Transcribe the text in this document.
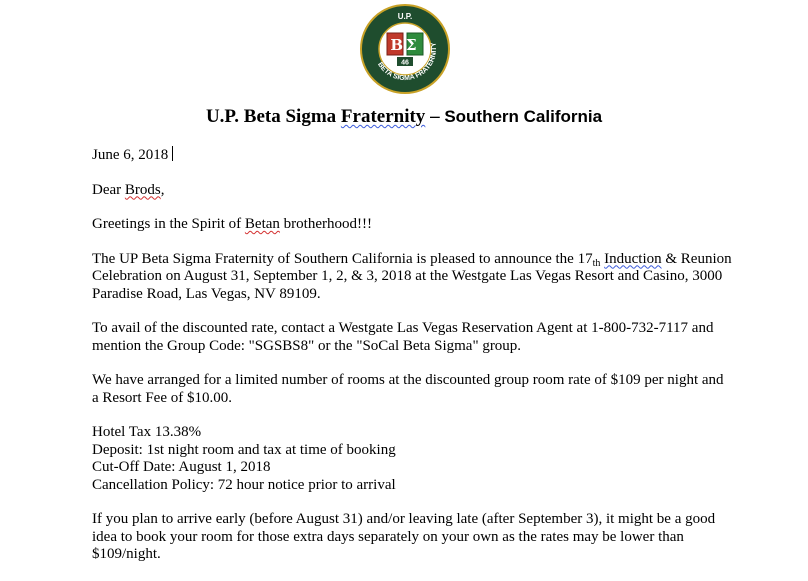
U.P.
BETA SIGMA FRATERNITY
BΣ
46
U.P. Beta Sigma Fraternity – Southern California

June 6, 2018

Dear Brods,

Greetings in the Spirit of Betan brotherhood!!!

The UP Beta Sigma Fraternity of Southern California is pleased to announce the $17_{th}$ Induction & Reunion Celebration on August 31, September 1, 2, & 3, 2018 at the Westgate Las Vegas Resort and Casino, 3000 Paradise Road, Las Vegas, NV 89109.

To avail of the discounted rate, contact a Westgate Las Vegas Reservation Agent at 1-800-732-7117 and mention the Group Code: "SGSBS8" or the "SoCal Beta Sigma" group.

We have arranged for a limited number of rooms at the discounted group room rate of $109 per night and a Resort Fee of $10.00.

Hotel Tax 13.38%
Deposit: 1st night room and tax at time of booking
Cut-Off Date: August 1, 2018
Cancellation Policy: 72 hour notice prior to arrival

If you plan to arrive early (before August 31) and/or leaving late (after September 3), it might be a good idea to book your room for those extra days separately on your own as the rates may be lower than $109/night.
